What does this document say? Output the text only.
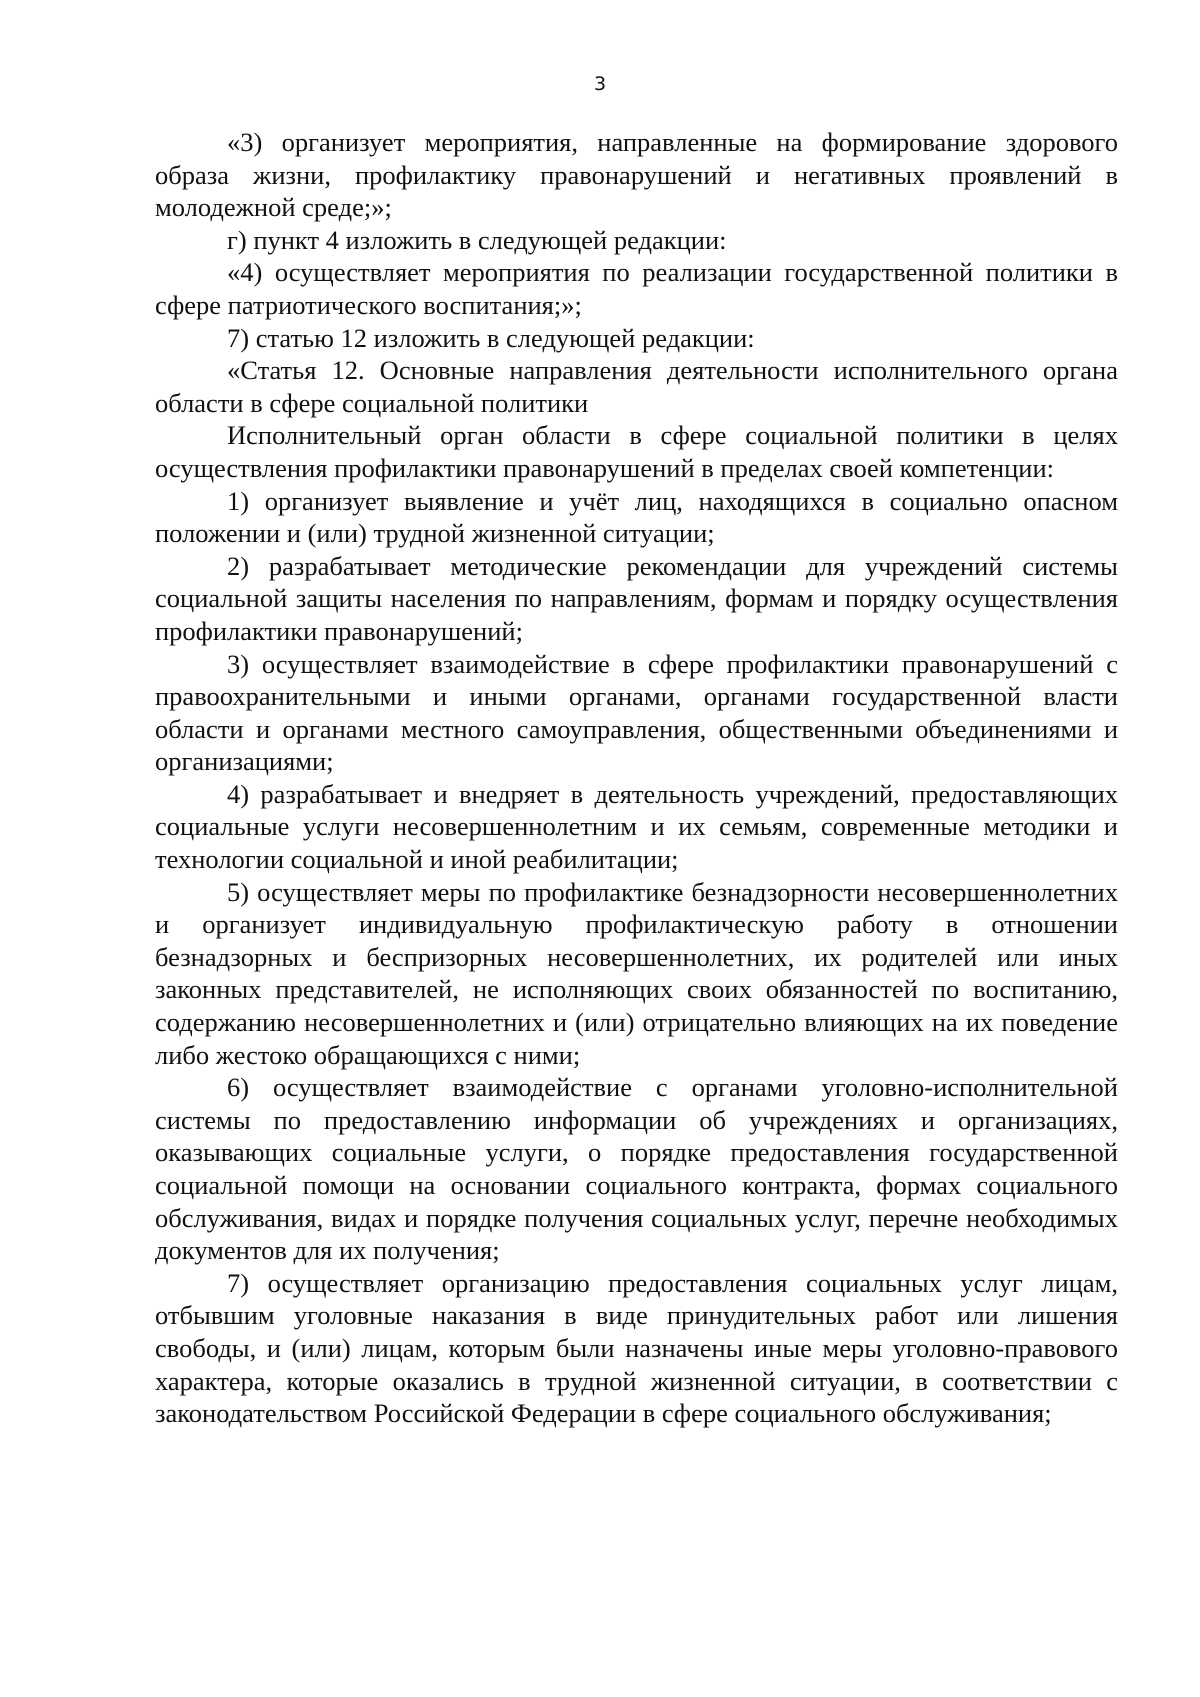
3

«3) организует мероприятия, направленные на формирование здорового образа жизни, профилактику правонарушений и негативных проявлений в молодежной среде;»;

г) пункт 4 изложить в следующей редакции:

«4) осуществляет мероприятия по реализации государственной политики в сфере патриотического воспитания;»;

7) статью 12 изложить в следующей редакции:

«Статья 12. Основные направления деятельности исполнительного органа области в сфере социальной политики

Исполнительный орган области в сфере социальной политики в целях осуществления профилактики правонарушений в пределах своей компетенции:

1) организует выявление и учёт лиц, находящихся в социально опасном положении и (или) трудной жизненной ситуации;

2) разрабатывает методические рекомендации для учреждений системы социальной защиты населения по направлениям, формам и порядку осуществления профилактики правонарушений;

3) осуществляет взаимодействие в сфере профилактики правонарушений с правоохранительными и иными органами, органами государственной власти области и органами местного самоуправления, общественными объединениями и организациями;

4) разрабатывает и внедряет в деятельность учреждений, предоставляющих социальные услуги несовершеннолетним и их семьям, современные методики и технологии социальной и иной реабилитации;

5) осуществляет меры по профилактике безнадзорности несовершеннолетних и организует индивидуальную профилактическую работу в отношении безнадзорных и беспризорных несовершеннолетних, их родителей или иных законных представителей, не исполняющих своих обязанностей по воспитанию, содержанию несовершеннолетних и (или) отрицательно влияющих на их поведение либо жестоко обращающихся с ними;

6) осуществляет взаимодействие с органами уголовно-исполнительной системы по предоставлению информации об учреждениях и организациях, оказывающих социальные услуги, о порядке предоставления государственной социальной помощи на основании социального контракта, формах социального обслуживания, видах и порядке получения социальных услуг, перечне необходимых документов для их получения;

7) осуществляет организацию предоставления социальных услуг лицам, отбывшим уголовные наказания в виде принудительных работ или лишения свободы, и (или) лицам, которым были назначены иные меры уголовно-правового характера, которые оказались в трудной жизненной ситуации, в соответствии с законодательством Российской Федерации в сфере социального обслуживания;
